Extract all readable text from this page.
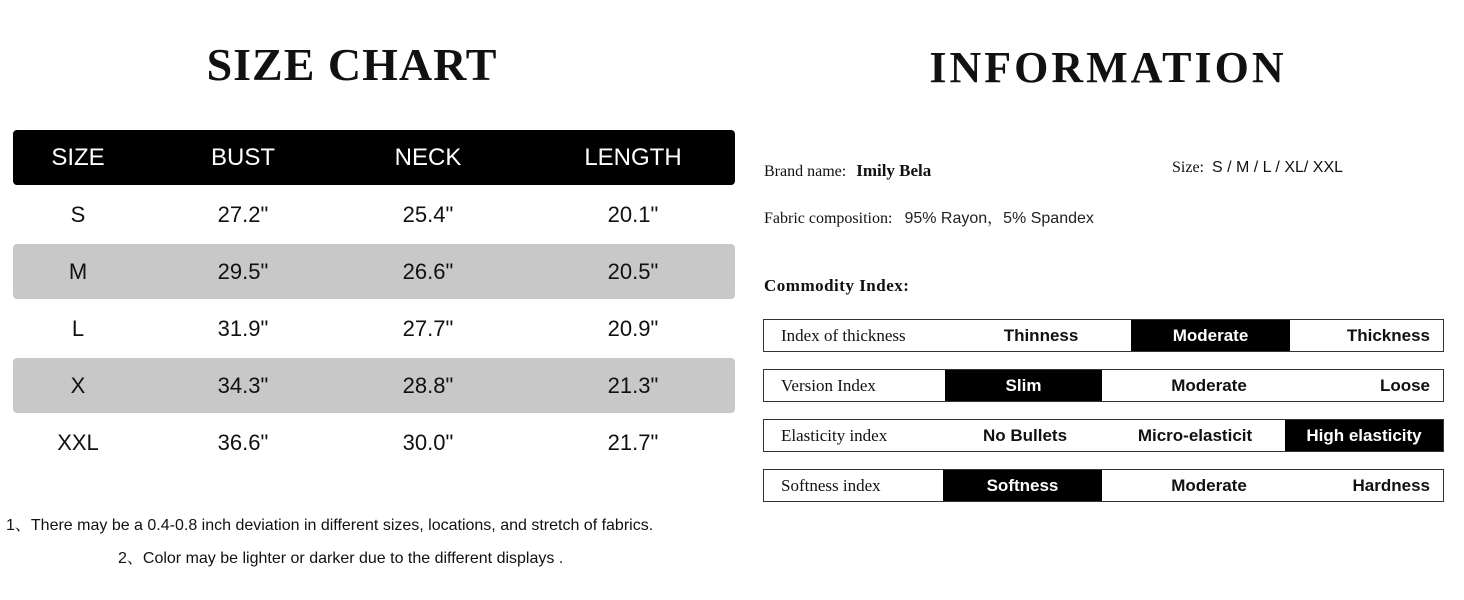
SIZE CHART
SIZE	BUST	NECK	LENGTH
S	27.2"	25.4"	20.1"
M	29.5"	26.6"	20.5"
L	31.9"	27.7"	20.9"
X	34.3"	28.8"	21.3"
XXL	36.6"	30.0"	21.7"
1、There may be a 0.4-0.8 inch deviation in different sizes, locations, and stretch of fabrics.
2、Color may be lighter or darker due to the different displays .
INFORMATION
Brand name: Imily Bela	Size: S / M / L / XL/ XXL
Fabric composition: 95% Rayon，5% Spandex
Commodity Index:
Index of thickness	Thinness	Moderate	Thickness
Version Index	Slim	Moderate	Loose
Elasticity index	No Bullets	Micro-elasticit	High elasticity
Softness index	Softness	Moderate	Hardness
